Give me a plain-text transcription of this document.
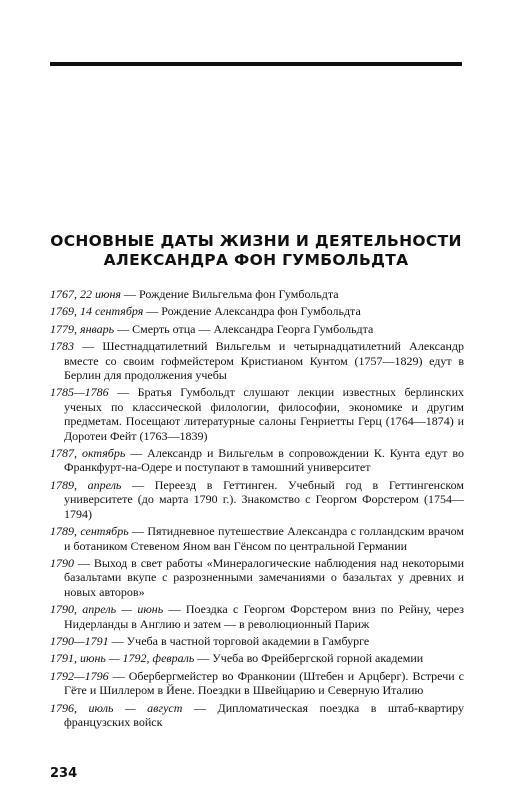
ОСНОВНЫЕ ДАТЫ ЖИЗНИ И ДЕЯТЕЛЬНОСТИ
АЛЕКСАНДРА ФОН ГУМБОЛЬДТА
1767, 22 июня — Рождение Вильгельма фон Гумбольдта
1769, 14 сентября — Рождение Александра фон Гумбольдта
1779, январь — Смерть отца — Александра Георга Гумбольдта
1783 — Шестнадцатилетний Вильгельм и четырнадцатилетний Александр вместе со своим гофмейстером Кристианом Кунтом (1757—1829) едут в Берлин для продолжения учебы
1785—1786 — Братья Гумбольдт слушают лекции известных берлинских ученых по классической филологии, философии, экономике и другим предметам. Посещают литературные салоны Генриетты Герц (1764—1874) и Доротеи Фейт (1763—1839)
1787, октябрь — Александр и Вильгельм в сопровождении К. Кунта едут во Франкфурт-на-Одере и поступают в тамошний университет
1789, апрель — Переезд в Геттинген. Учебный год в Геттингенском университете (до марта 1790 г.). Знакомство с Георгом Форстером (1754—1794)
1789, сентябрь — Пятидневное путешествие Александра с голландским врачом и ботаником Стевеном Яном ван Гёнсом по центральной Германии
1790 — Выход в свет работы «Минералогические наблюдения над некоторыми базальтами вкупе с разрозненными замечаниями о базальтах у древних и новых авторов»
1790, апрель — июнь — Поездка с Георгом Форстером вниз по Рейну, через Нидерланды в Англию и затем — в революционный Париж
1790—1791 — Учеба в частной торговой академии в Гамбурге
1791, июнь — 1792, февраль — Учеба во Фрейбергской горной академии
1792—1796 — Обербергмейстер во Франконии (Штебен и Арцберг). Встречи с Гёте и Шиллером в Йене. Поездки в Швейцарию и Северную Италию
1796, июль — август — Дипломатическая поездка в штаб-квартиру французских войск
234
